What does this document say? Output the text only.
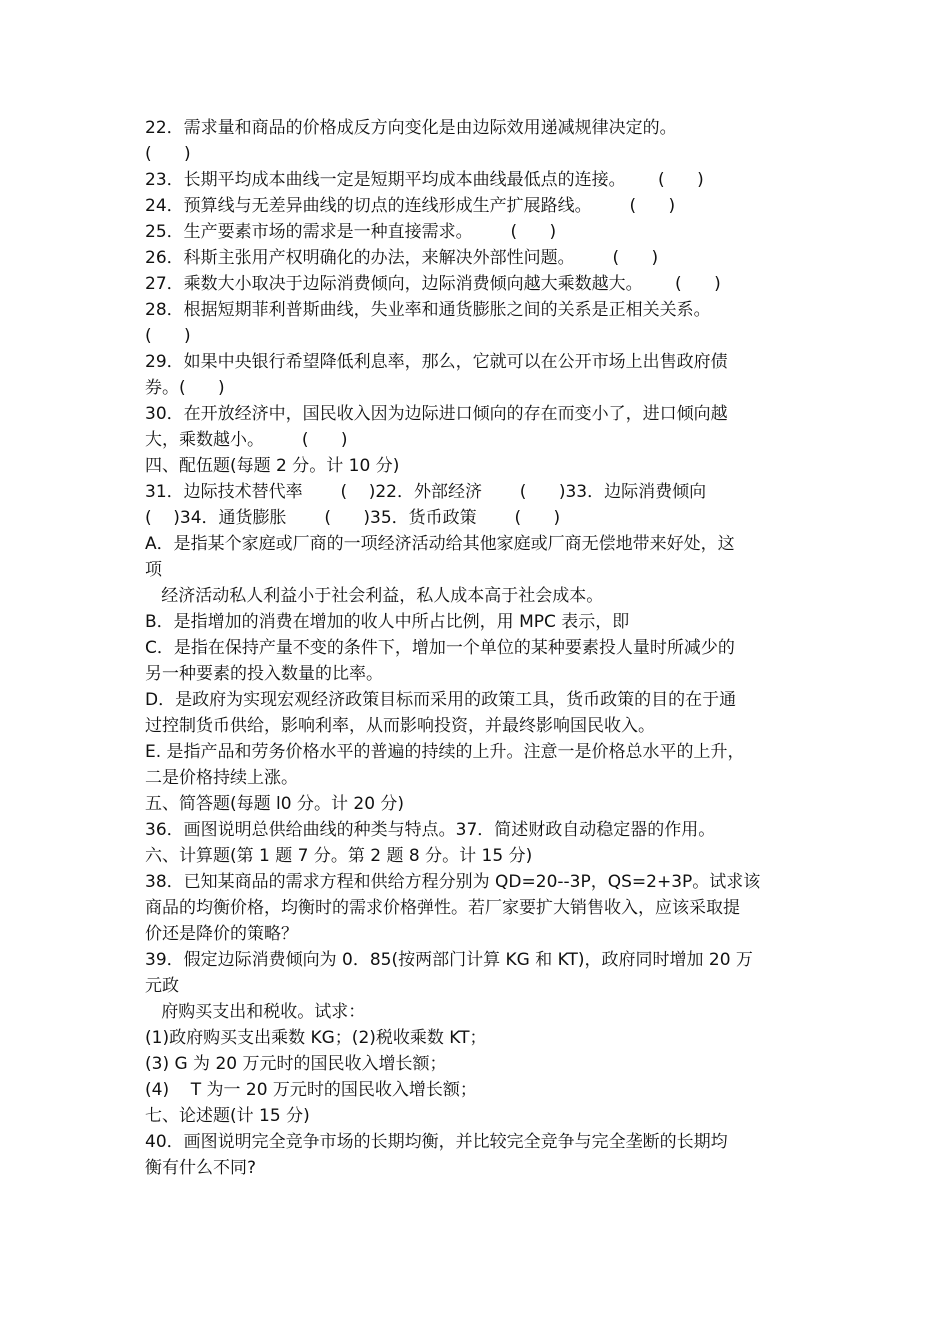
22．需求量和商品的价格成反方向变化是由边际效用递减规律决定的。
(      )
23．长期平均成本曲线一定是短期平均成本曲线最低点的连接。      (      )
24．预算线与无差异曲线的切点的连线形成生产扩展路线。       (      )
25．生产要素市场的需求是一种直接需求。       (      )
26．科斯主张用产权明确化的办法，来解决外部性问题。       (      )
27．乘数大小取决于边际消费倾向，边际消费倾向越大乘数越大。      (      )
28．根据短期菲利普斯曲线，失业率和通货膨胀之间的关系是正相关关系。
(      )
29．如果中央银行希望降低利息率，那么，它就可以在公开市场上出售政府债
券。(      )
30．在开放经济中，国民收入因为边际进口倾向的存在而变小了，进口倾向越
大，乘数越小。       (      )
四、配伍题(每题 2 分。计 10 分)
31．边际技术替代率       (    )22．外部经济       (      )33．边际消费倾向
(    )34．通货膨胀       (      )35．货币政策       (      )
A．是指某个家庭或厂商的一项经济活动给其他家庭或厂商无偿地带来好处，这
项
经济活动私人利益小于社会利益，私人成本高于社会成本。
B．是指增加的消费在增加的收人中所占比例，用 MPC 表示，即
C．是指在保持产量不变的条件下，增加一个单位的某种要素投人量时所减少的
另一种要素的投入数量的比率。
D．是政府为实现宏观经济政策目标而采用的政策工具，货币政策的目的在于通
过控制货币供给，影响利率，从而影响投资，并最终影响国民收入。
E. 是指产品和劳务价格水平的普遍的持续的上升。注意一是价格总水平的上升，
二是价格持续上涨。
五、简答题(每题 l0 分。计 20 分)
36．画图说明总供给曲线的种类与特点。37．简述财政自动稳定器的作用。
六、计算题(第 1 题 7 分。第 2 题 8 分。计 15 分)
38．已知某商品的需求方程和供给方程分别为 QD=20--3P，QS=2+3P。试求该
商品的均衡价格，均衡时的需求价格弹性。若厂家要扩大销售收入，应该采取提
价还是降价的策略？
39．假定边际消费倾向为 0．85(按两部门计算 KG 和 KT)，政府同时增加 20 万
元政
府购买支出和税收。试求：
(1)政府购买支出乘数 KG；(2)税收乘数 KT；
(3) G 为 20 万元时的国民收入增长额；
(4)    T 为一 20 万元时的国民收入增长额；
七、论述题(计 15 分)
40．画图说明完全竞争市场的长期均衡，并比较完全竞争与完全垄断的长期均
衡有什么不同?
